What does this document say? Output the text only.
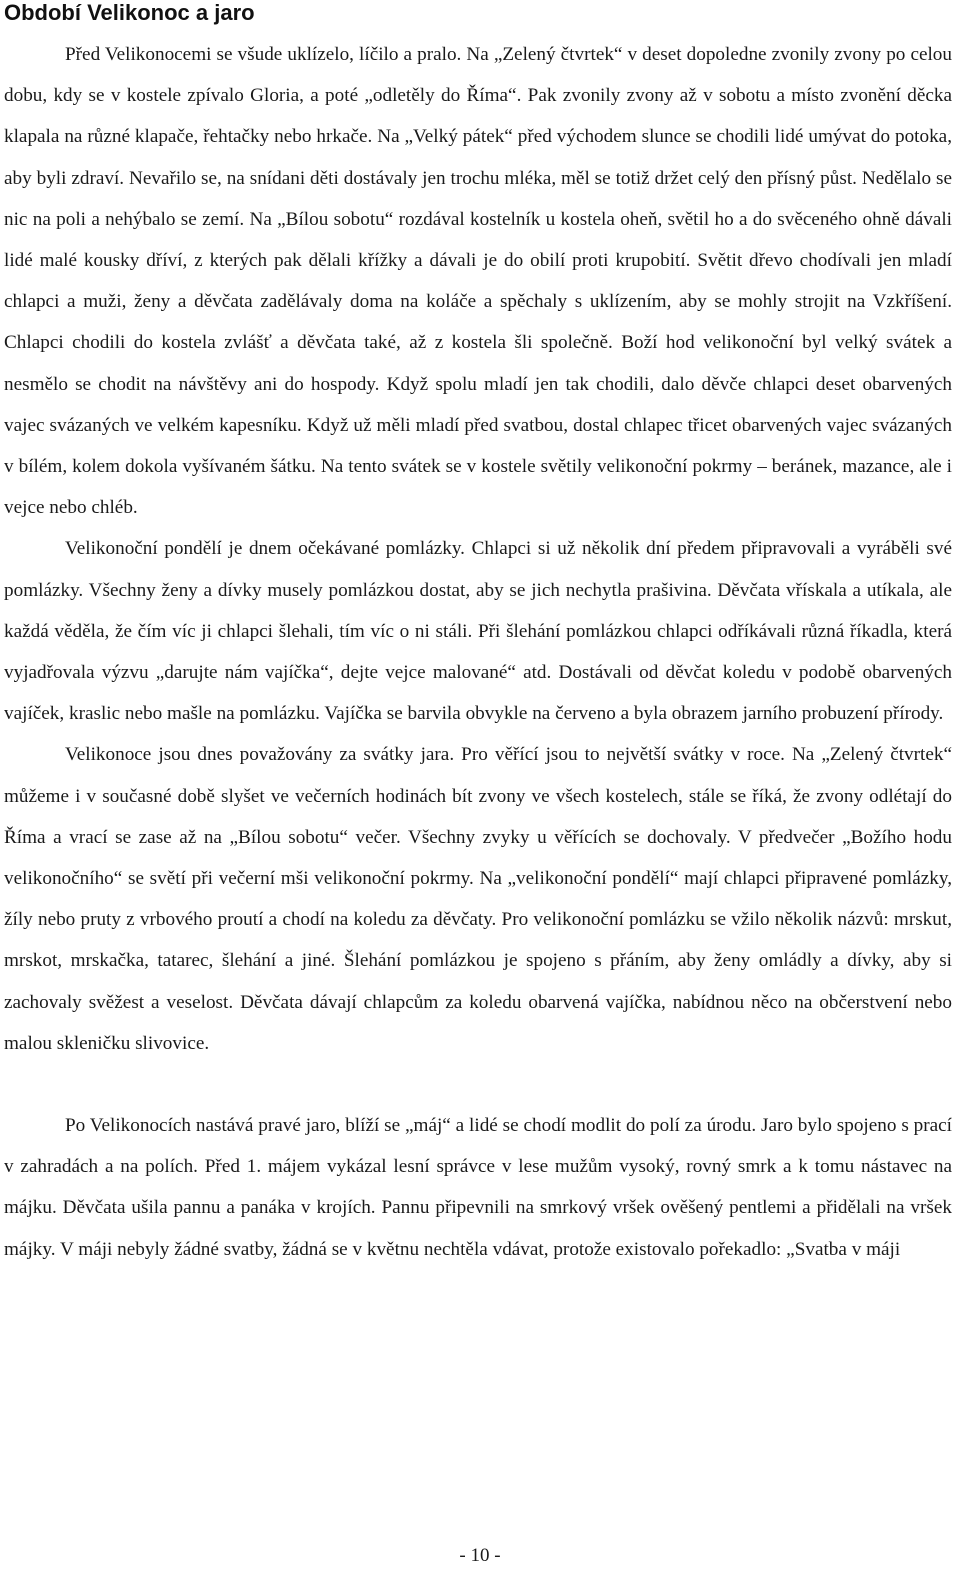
Období Velikonoc a jaro

Před Velikonocemi se všude uklízelo, líčilo a pralo. Na „Zelený čtvrtek“ v deset dopoledne zvonily zvony po celou dobu, kdy se v kostele zpívalo Gloria, a poté „odletěly do Říma“. Pak zvonily zvony až v sobotu a místo zvonění děcka klapala na různé klapače, řehtačky nebo hrkače. Na „Velký pátek“ před východem slunce se chodili lidé umývat do potoka, aby byli zdraví. Nevařilo se, na snídani děti dostávaly jen trochu mléka, měl se totiž držet celý den přísný půst. Nedělalo se nic na poli a nehýbalo se zemí. Na „Bílou sobotu“ rozdával kostelník u kostela oheň, světil ho a do svěceného ohně dávali lidé malé kousky dříví, z kterých pak dělali křížky a dávali je do obilí proti krupobití. Světit dřevo chodívali jen mladí chlapci a muži, ženy a děvčata zadělávaly doma na koláče a spěchaly s uklízením, aby se mohly strojit na Vzkříšení. Chlapci chodili do kostela zvlášť a děvčata také, až z kostela šli společně. Boží hod velikonoční byl velký svátek a nesmělo se chodit na návštěvy ani do hospody. Když spolu mladí jen tak chodili, dalo děvče chlapci deset obarvených vajec svázaných ve velkém kapesníku. Když už měli mladí před svatbou, dostal chlapec třicet obarvených vajec svázaných v bílém, kolem dokola vyšívaném šátku. Na tento svátek se v kostele světily velikonoční pokrmy – beránek, mazance, ale i vejce nebo chléb.

Velikonoční pondělí je dnem očekávané pomlázky. Chlapci si už několik dní předem připravovali a vyráběli své pomlázky. Všechny ženy a dívky musely pomlázkou dostat, aby se jich nechytla prašivina. Děvčata vřískala a utíkala, ale každá věděla, že čím víc ji chlapci šlehali, tím víc o ni stáli. Při šlehání pomlázkou chlapci odříkávali různá říkadla, která vyjadřovala výzvu „darujte nám vajíčka“, dejte vejce malované“ atd. Dostávali od děvčat koledu v podobě obarvených vajíček, kraslic nebo mašle na pomlázku. Vajíčka se barvila obvykle na červeno a byla obrazem jarního probuzení přírody.

Velikonoce jsou dnes považovány za svátky jara. Pro věřící jsou to největší svátky v roce. Na „Zelený čtvrtek“ můžeme i v současné době slyšet ve večerních hodinách bít zvony ve všech kostelech, stále se říká, že zvony odlétají do Říma a vrací se zase až na „Bílou sobotu“ večer. Všechny zvyky u věřících se dochovaly. V předvečer „Božího hodu velikonočního“ se světí při večerní mši velikonoční pokrmy. Na „velikonoční pondělí“ mají chlapci připravené pomlázky, žíly nebo pruty z vrbového proutí a chodí na koledu za děvčaty. Pro velikonoční pomlázku se vžilo několik názvů: mrskut, mrskot, mrskačka, tatarec, šlehání a jiné. Šlehání pomlázkou je spojeno s přáním, aby ženy omládly a dívky, aby si zachovaly svěžest a veselost. Děvčata dávají chlapcům za koledu obarvená vajíčka, nabídnou něco na občerstvení nebo malou skleničku slivovice.

Po Velikonocích nastává pravé jaro, blíží se „máj“ a lidé se chodí modlit do polí za úrodu. Jaro bylo spojeno s prací v zahradách a na polích. Před 1. májem vykázal lesní správce v lese mužům vysoký, rovný smrk a k tomu nástavec na májku. Děvčata ušila pannu a panáka v krojích. Pannu připevnili na smrkový vršek ověšený pentlemi a přidělali na vršek májky. V máji nebyly žádné svatby, žádná se v květnu nechtěla vdávat, protože existovalo pořekadlo: „Svatba v máji

- 10 -
